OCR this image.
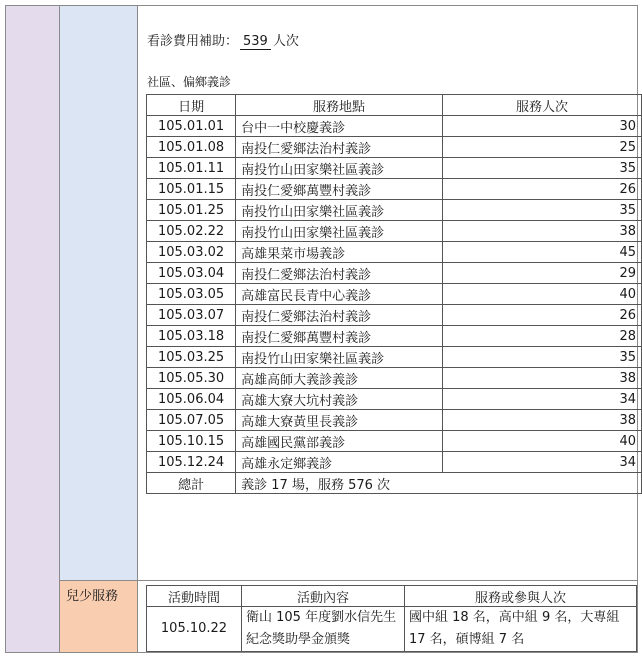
兒少服務
看診費用補助： 539 人次
社區、偏鄉義診
日期	服務地點	服務人次
105.01.01	台中一中校慶義診	30
105.01.08	南投仁愛鄉法治村義診	25
105.01.11	南投竹山田家樂社區義診	35
105.01.15	南投仁愛鄉萬豐村義診	26
105.01.25	南投竹山田家樂社區義診	35
105.02.22	南投竹山田家樂社區義診	38
105.03.02	高雄果菜市場義診	45
105.03.04	南投仁愛鄉法治村義診	29
105.03.05	高雄富民長青中心義診	40
105.03.07	南投仁愛鄉法治村義診	26
105.03.18	南投仁愛鄉萬豐村義診	28
105.03.25	南投竹山田家樂社區義診	35
105.05.30	高雄高師大義診義診	38
105.06.04	高雄大寮大坑村義診	34
105.07.05	高雄大寮黃里長義診	38
105.10.15	高雄國民黨部義診	40
105.12.24	高雄永定鄉義診	34
總計	義診 17 場，服務 576 次	
活動時間	活動內容	服務或參與人次
105.10.22	衛山 105 年度劉水信先生紀念獎助學金頒獎	國中組 18 名，高中組 9 名，大專組 17 名，碩博組 7 名
